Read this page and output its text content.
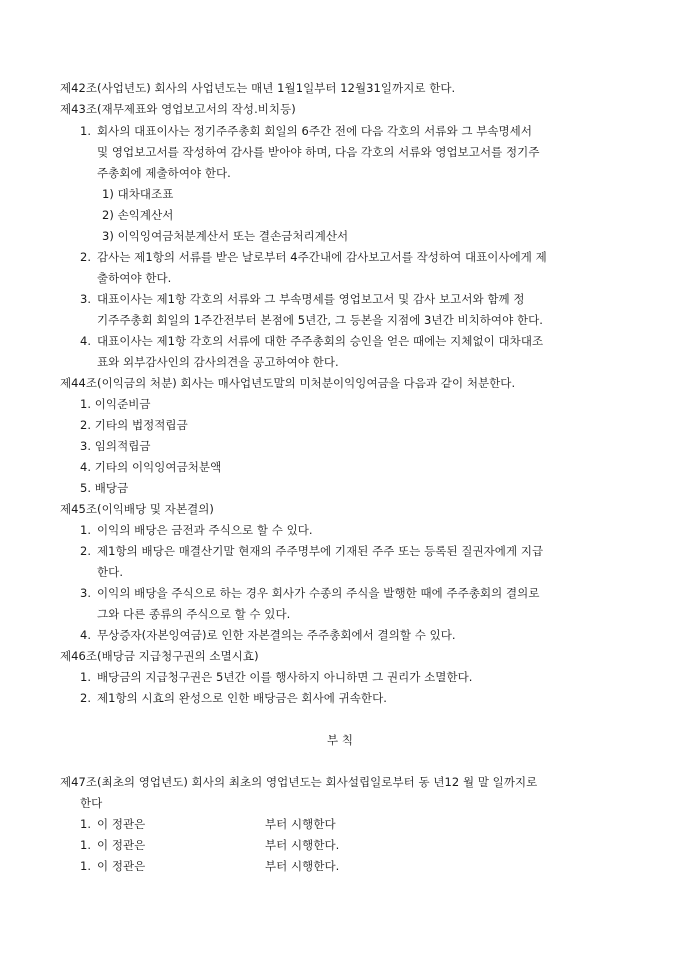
제42조(사업년도) 회사의 사업년도는 매년 1월1일부터 12월31일까지로 한다.
제43조(재무제표와 영업보고서의 작성.비치등)
1. 회사의 대표이사는 정기주주총회 회일의 6주간 전에 다음 각호의 서류와 그 부속명세서
및 영업보고서를 작성하여 감사를 받아야 하며, 다음 각호의 서류와 영업보고서를 정기주
주총회에 제출하여야 한다.
1) 대차대조표
2) 손익계산서
3) 이익잉여금처분계산서 또는 결손금처리계산서
2. 감사는 제1항의 서류를 받은 날로부터 4주간내에 감사보고서를 작성하여 대표이사에게 제
출하여야 한다.
3. 대표이사는 제1항 각호의 서류와 그 부속명세를 영업보고서 및 감사 보고서와 함께 정
기주주총회 회일의 1주간전부터 본점에 5년간, 그 등본을 지점에 3년간 비치하여야 한다.
4. 대표이사는 제1항 각호의 서류에 대한 주주총회의 승인을 얻은 때에는 지체없이 대차대조
표와 외부감사인의 감사의견을 공고하여야 한다.
제44조(이익금의 처분) 회사는 매사업년도말의 미처분이익잉여금을 다음과 같이 처분한다.
1. 이익준비금
2. 기타의 법정적립금
3. 임의적립금
4. 기타의 이익잉여금처분액
5. 배당금
제45조(이익배당 및 자본결의)
1. 이익의 배당은 금전과 주식으로 할 수 있다.
2. 제1항의 배당은 매결산기말 현재의 주주명부에 기재된 주주 또는 등록된 질권자에게 지급
한다.
3. 이익의 배당을 주식으로 하는 경우 회사가 수종의 주식을 발행한 때에 주주총회의 결의로
그와 다른 종류의 주식으로 할 수 있다.
4. 무상증자(자본잉여금)로 인한 자본결의는 주주총회에서 결의할 수 있다.
제46조(배당금 지급청구권의 소멸시효)
1. 배당금의 지급청구권은 5년간 이를 행사하지 아니하면 그 권리가 소멸한다.
2. 제1항의 시효의 완성으로 인한 배당금은 회사에 귀속한다.
부 칙
제47조(최초의 영업년도) 회사의 최초의 영업년도는 회사설립일로부터 동 년12 월 말 일까지로
한다
1. 이 정관은	부터 시행한다
1. 이 정관은	부터 시행한다.
1. 이 정관은	부터 시행한다.
